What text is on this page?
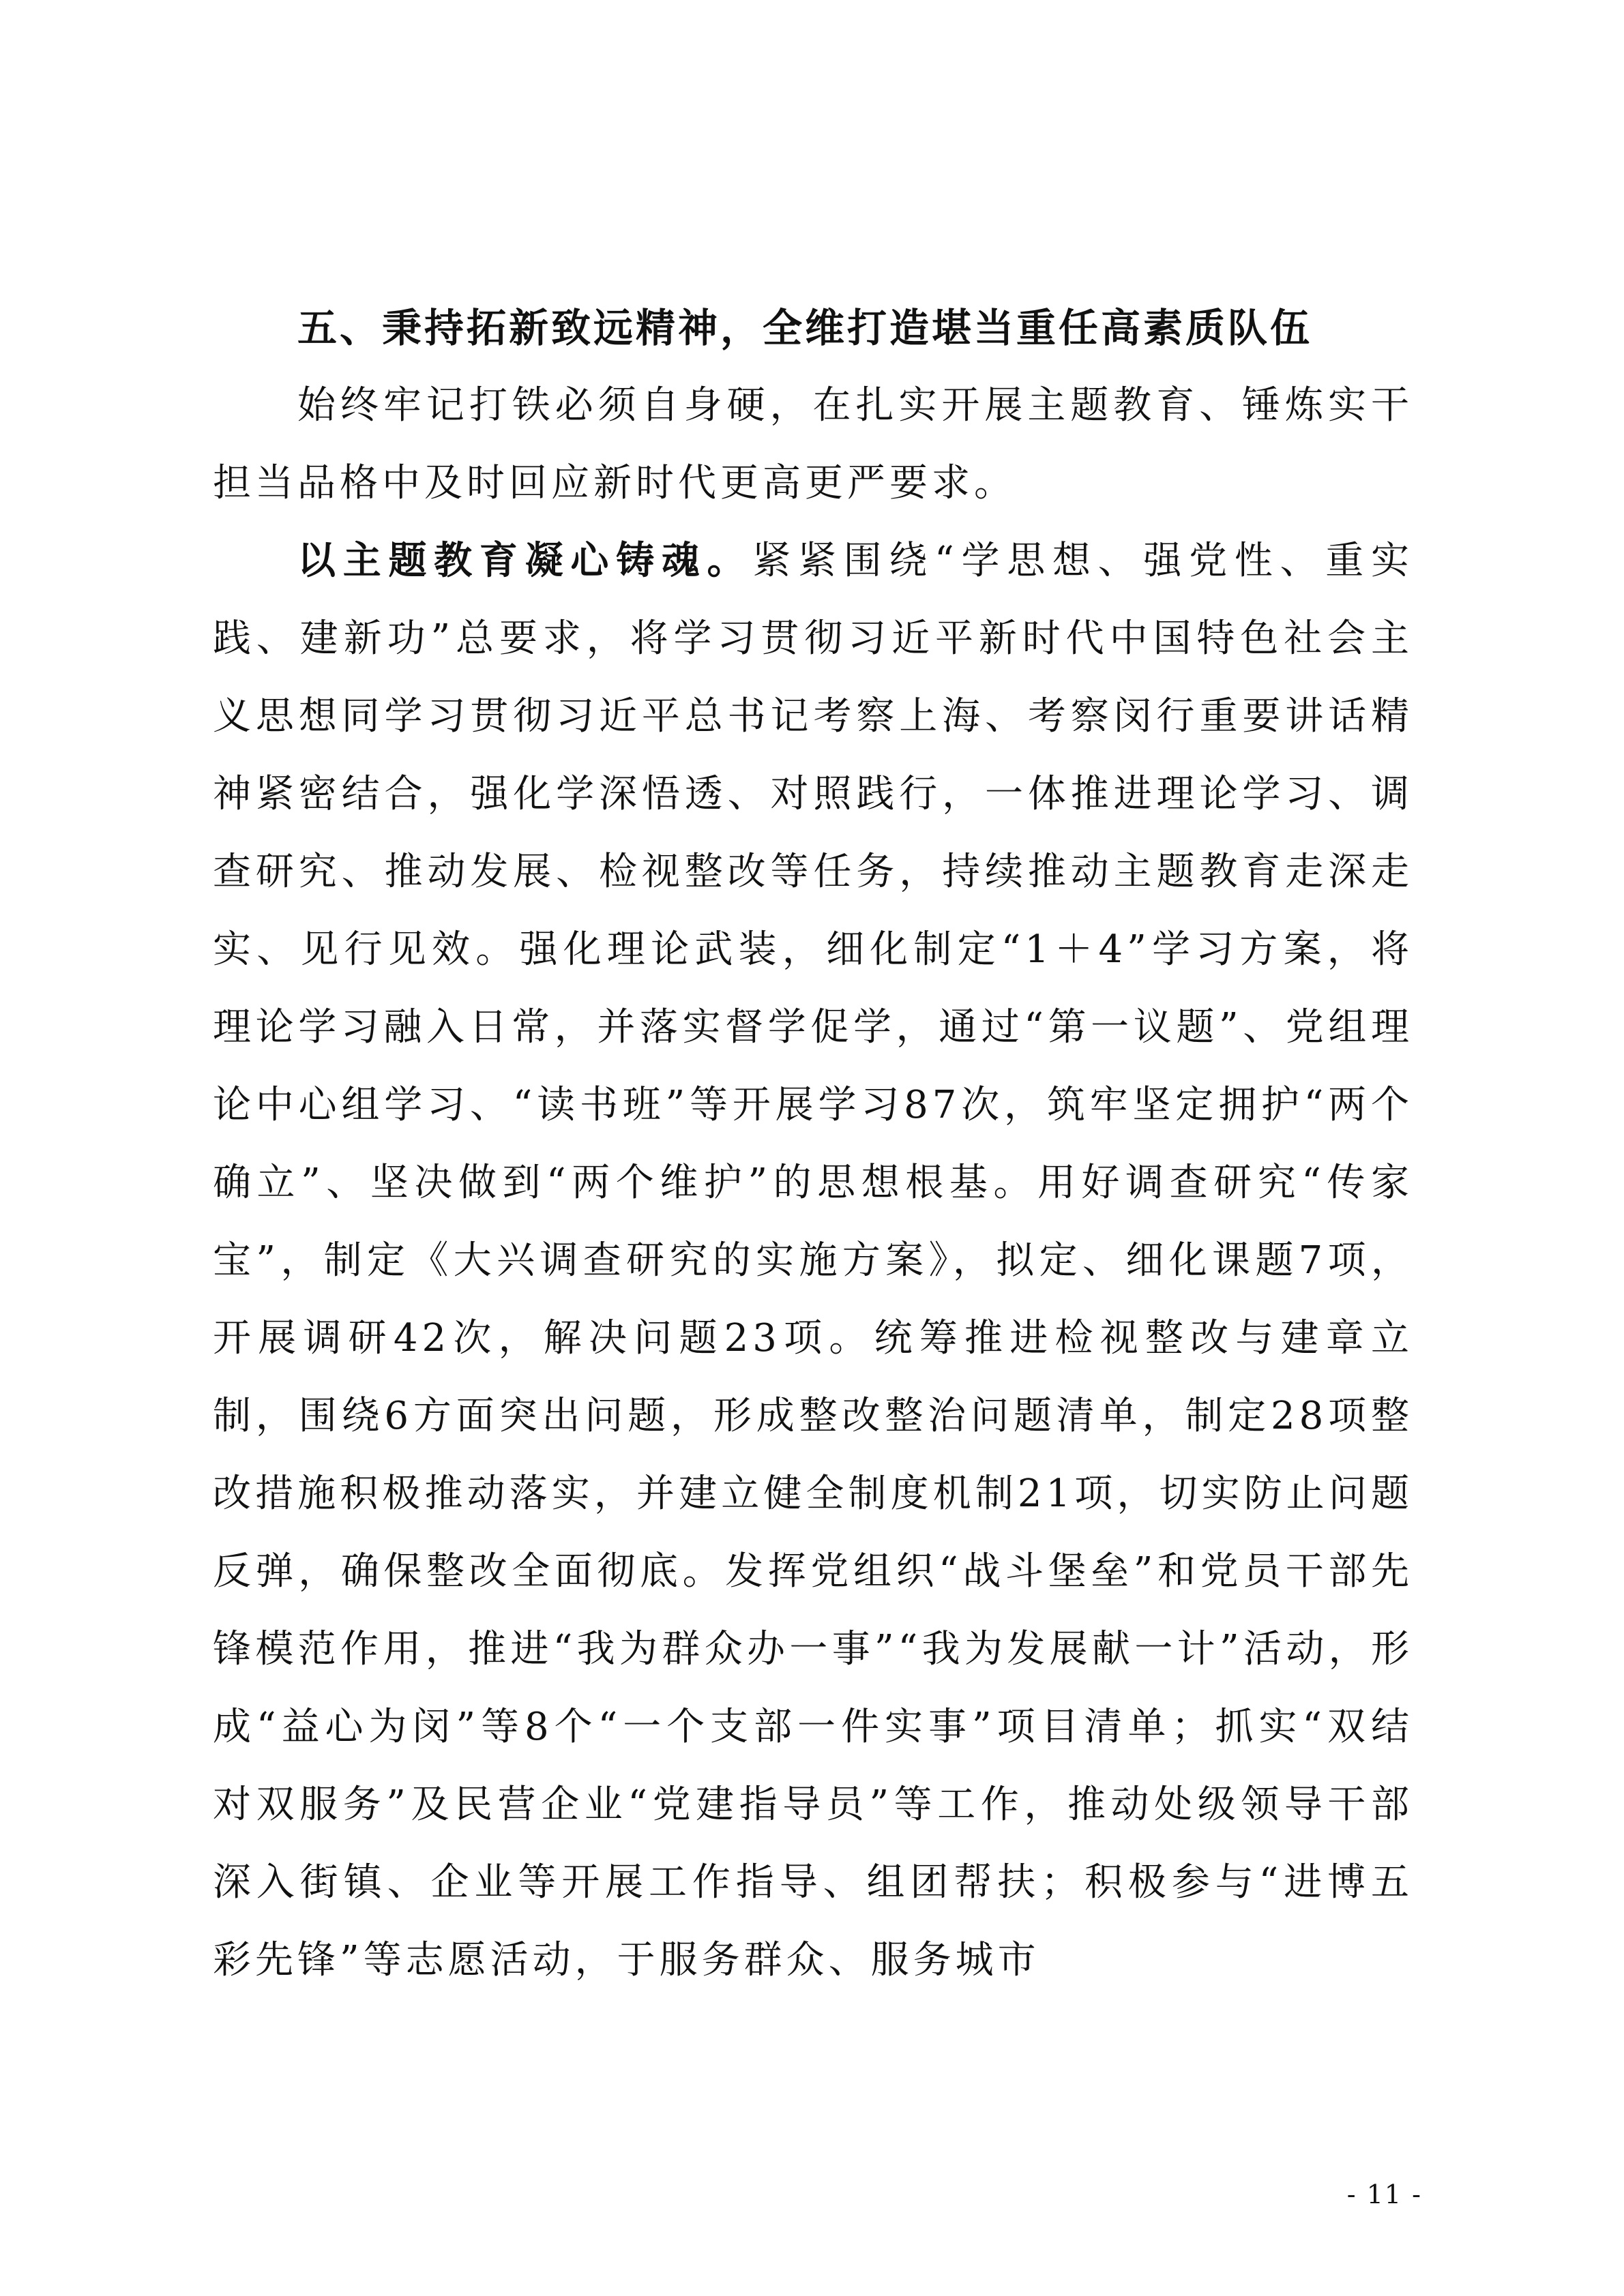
五、秉持拓新致远精神，全维打造堪当重任高素质队伍

始终牢记打铁必须自身硬，在扎实开展主题教育、锤炼实干担当品格中及时回应新时代更高更严要求。

以主题教育凝心铸魂。紧紧围绕“学思想、强党性、重实践、建新功”总要求，将学习贯彻习近平新时代中国特色社会主义思想同学习贯彻习近平总书记考察上海、考察闵行重要讲话精神紧密结合，强化学深悟透、对照践行，一体推进理论学习、调查研究、推动发展、检视整改等任务，持续推动主题教育走深走实、见行见效。强化理论武装，细化制定“1＋4”学习方案，将理论学习融入日常，并落实督学促学，通过“第一议题”、党组理论中心组学习、“读书班”等开展学习87次，筑牢坚定拥护“两个确立”、坚决做到“两个维护”的思想根基。用好调查研究“传家宝”，制定《大兴调查研究的实施方案》，拟定、细化课题7项，开展调研42次，解决问题23项。统筹推进检视整改与建章立制，围绕6方面突出问题，形成整改整治问题清单，制定28项整改措施积极推动落实，并建立健全制度机制21项，切实防止问题反弹，确保整改全面彻底。发挥党组织“战斗堡垒”和党员干部先锋模范作用，推进“我为群众办一事”“我为发展献一计”活动，形成“益心为闵”等8个“一个支部一件实事”项目清单；抓实“双结对双服务”及民营企业“党建指导员”等工作，推动处级领导干部深入街镇、企业等开展工作指导、组团帮扶；积极参与“进博五彩先锋”等志愿活动，于服务群众、服务城市

- 11 -
